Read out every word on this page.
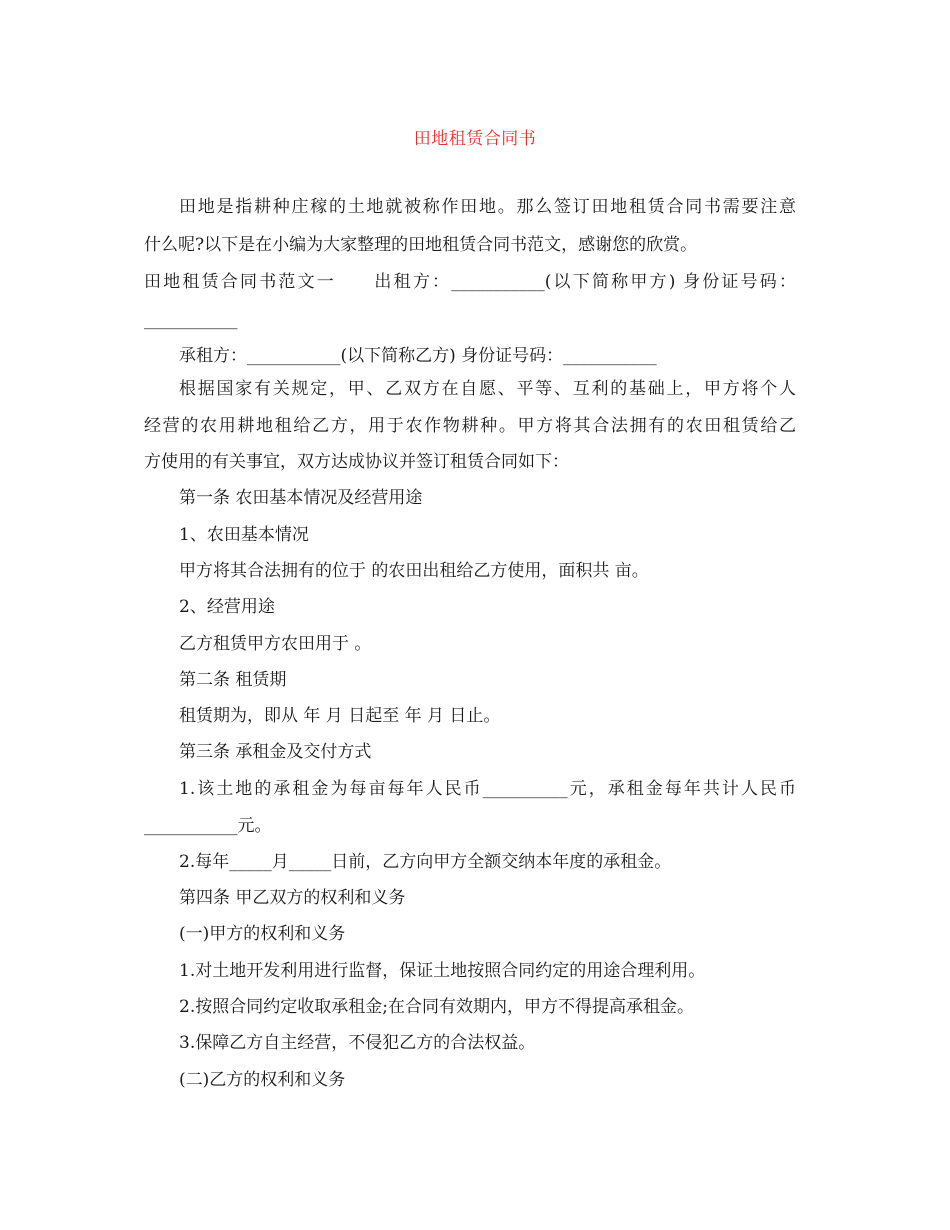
田地租赁合同书
田地是指耕种庄稼的土地就被称作田地。那么签订田地租赁合同书需要注意
什么呢?以下是在小编为大家整理的田地租赁合同书范文，感谢您的欣赏。
田地租赁合同书范文一　　出租方：___________(以下简称甲方) 身份证号码：
___________
承租方：___________(以下简称乙方) 身份证号码：___________
根据国家有关规定，甲、乙双方在自愿、平等、互利的基础上，甲方将个人
经营的农用耕地租给乙方，用于农作物耕种。甲方将其合法拥有的农田租赁给乙
方使用的有关事宜，双方达成协议并签订租赁合同如下：
第一条 农田基本情况及经营用途
1、农田基本情况
甲方将其合法拥有的位于 的农田出租给乙方使用，面积共 亩。
2、经营用途
乙方租赁甲方农田用于 。
第二条 租赁期
租赁期为，即从 年 月 日起至 年 月 日止。
第三条 承租金及交付方式
1.该土地的承租金为每亩每年人民币__________元，承租金每年共计人民币
___________元。
2.每年_____月_____日前，乙方向甲方全额交纳本年度的承租金。
第四条 甲乙双方的权利和义务
(一)甲方的权利和义务
1.对土地开发利用进行监督，保证土地按照合同约定的用途合理利用。
2.按照合同约定收取承租金;在合同有效期内，甲方不得提高承租金。
3.保障乙方自主经营，不侵犯乙方的合法权益。
(二)乙方的权利和义务
